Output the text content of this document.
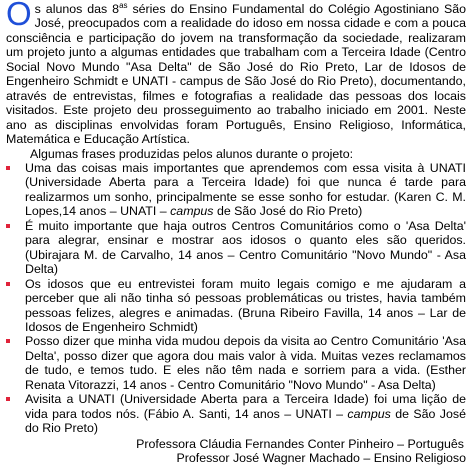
Os alunos das $8^{as}$ séries do Ensino Fundamental do Colégio Agostiniano São José, preocupados com a realidade do idoso em nossa cidade e com a pouca consciência e participação do jovem na transformação da sociedade, realizaram um projeto junto a algumas entidades que trabalham com a Terceira Idade (Centro Social Novo Mundo "Asa Delta" de São José do Rio Preto, Lar de Idosos de Engenheiro Schmidt e UNATI - campus de São José do Rio Preto), documentando, através de entrevistas, filmes e fotografias a realidade das pessoas dos locais visitados. Este projeto deu prosseguimento ao trabalho iniciado em 2001. Neste ano as disciplinas envolvidas foram Português, Ensino Religioso, Informática, Matemática e Educação Artística.

Algumas frases produzidas pelos alunos durante o projeto:

Uma das coisas mais importantes que aprendemos com essa visita à UNATI (Universidade Aberta para a Terceira Idade) foi que nunca é tarde para realizarmos um sonho, principalmente se esse sonho for estudar. (Karen C. M. Lopes,14 anos – UNATI – campus de São José do Rio Preto)
É muito importante que haja outros Centros Comunitários como o 'Asa Delta' para alegrar, ensinar e mostrar aos idosos o quanto eles são queridos. (Ubirajara M. de Carvalho, 14 anos – Centro Comunitário "Novo Mundo" - Asa Delta)
Os idosos que eu entrevistei foram muito legais comigo e me ajudaram a perceber que ali não tinha só pessoas problemáticas ou tristes, havia também pessoas felizes, alegres e animadas. (Bruna Ribeiro Favilla, 14 anos – Lar de Idosos de Engenheiro Schmidt)
Posso dizer que minha vida mudou depois da visita ao Centro Comunitário 'Asa Delta', posso dizer que agora dou mais valor à vida. Muitas vezes reclamamos de tudo, e temos tudo. E eles não têm nada e sorriem para a vida. (Esther Renata Vitorazzi, 14 anos - Centro Comunitário "Novo Mundo" - Asa Delta)
Avisita a UNATI (Universidade Aberta para a Terceira Idade) foi uma lição de vida para todos nós. (Fábio A. Santi, 14 anos – UNATI – campus de São José do Rio Preto)

Professora Cláudia Fernandes Conter Pinheiro – Português

Professor José Wagner Machado – Ensino Religioso
